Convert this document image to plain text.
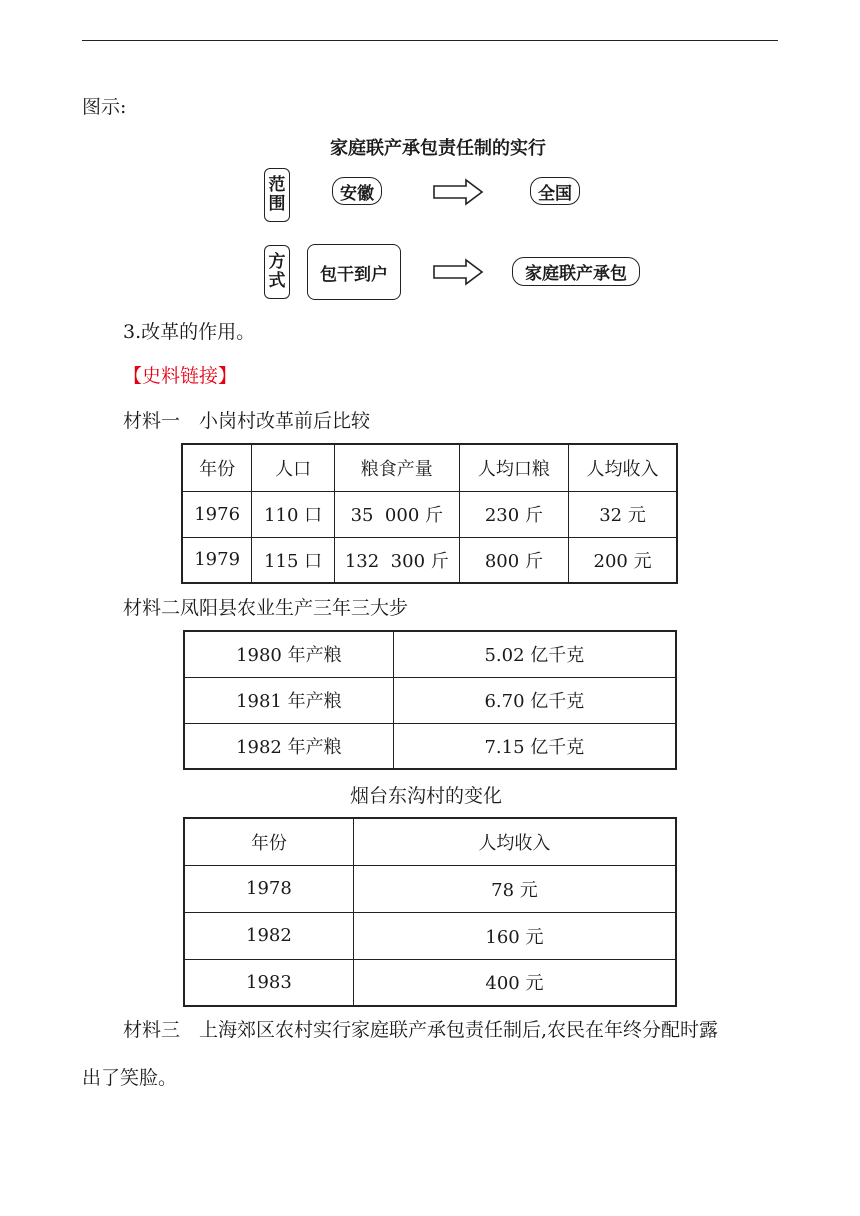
图示:
家庭联产承包责任制的实行
范
围
安徽	全国
方
式	包干到户	家庭联产承包
3.改革的作用。
【史料链接】
材料一　小岗村改革前后比较
年份	人口	粮食产量	人均口粮	人均收入
1976	110 口	35  000 斤	230 斤	32 元
1979	115 口	132  300 斤	800 斤	200 元
材料二凤阳县农业生产三年三大步
1980 年产粮	5.02 亿千克
1981 年产粮	6.70 亿千克
1982 年产粮	7.15 亿千克
烟台东沟村的变化
年份	人均收入
1978	78 元
1982	160 元
1983	400 元
材料三　上海郊区农村实行家庭联产承包责任制后,农民在年终分配时露
出了笑脸。
